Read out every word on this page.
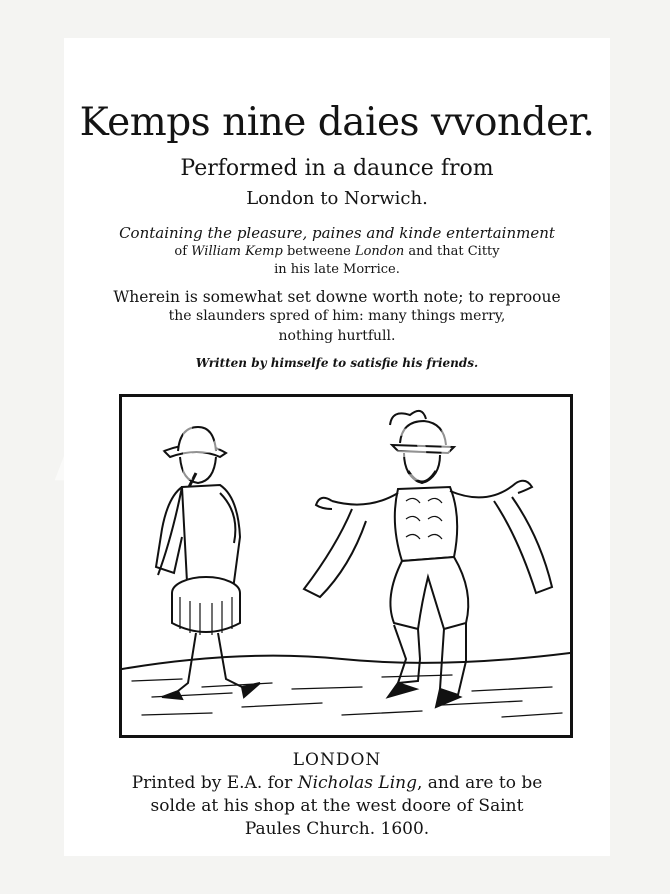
Kemps nine daies vvonder.
Performed in a daunce from
London to Norwich.
Containing the pleasure, paines and kinde entertainment
of William Kemp betweene London and that Citty
in his late Morrice.
Wherein is somewhat set downe worth note; to reprooue
the slaunders spred of him: many things merry,
nothing hurtfull.
Written by himselfe to satisfie his friends.
LONDON
Printed by E.A. for Nicholas Ling, and are to be
solde at his shop at the west doore of Saint
Paules Church. 1600.
AllPosters
